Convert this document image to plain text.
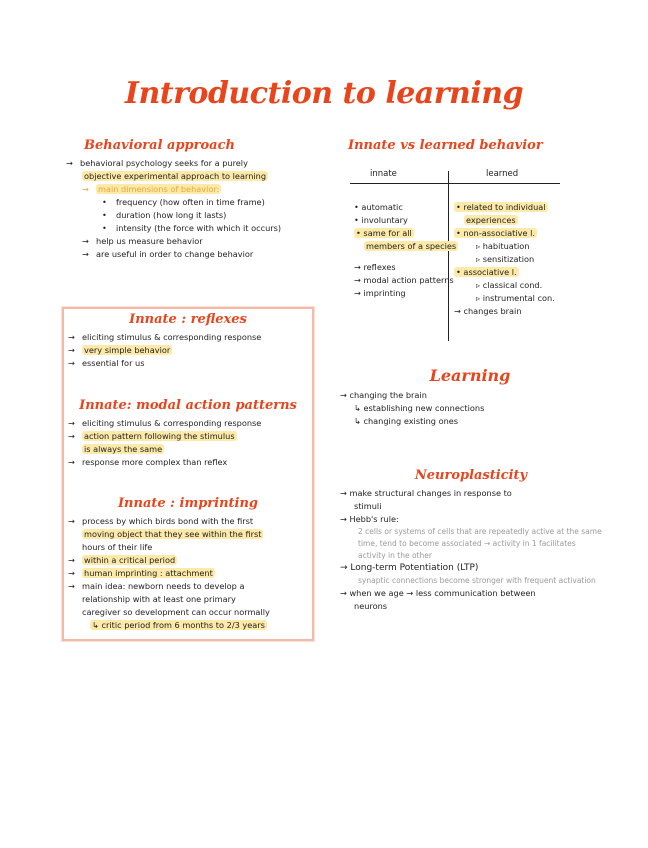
Introduction to learning
Behavioral approach
→ behavioral psychology seeks for a purely
objective experimental approach to learning
→ main dimensions of behavior:
• frequency (how often in time frame)
• duration (how long it lasts)
• intensity (the force with which it occurs)
→ help us measure behavior
→ are useful in order to change behavior
Innate : reflexes
→ eliciting stimulus & corresponding response
→ very simple behavior
→ essential for us
Innate: modal action patterns
→ eliciting stimulus & corresponding response
→ action pattern following the stimulus
is always the same
→ response more complex than reflex
Innate : imprinting
→ process by which birds bond with the first
moving object that they see within the first
hours of their life
→ within a critical period
→ human imprinting : attachment
→ main idea: newborn needs to develop a
relationship with at least one primary
caregiver so development can occur normally
↳ critic period from 6 months to 2/3 years
Innate vs learned behavior
innate	learned
• automatic
• involuntary
• same for all
members of a species
→ reflexes
→ modal action patterns
→ imprinting
• related to individual
experiences
• non-associative l.
▹ habituation
▹ sensitization
• associative l.
▹ classical cond.
▹ instrumental con.
→ changes brain
Learning
→ changing the brain
↳ establishing new connections
↳ changing existing ones
Neuroplasticity
→ make structural changes in response to
stimuli
→ Hebb's rule:
2 cells or systems of cells that are repeatedly active at the same time, tend to become associated → activity in 1 facilitates activity in the other
→ Long-term Potentiation (LTP)
synaptic connections become stronger with frequent activation
→ when we age → less communication between
neurons
